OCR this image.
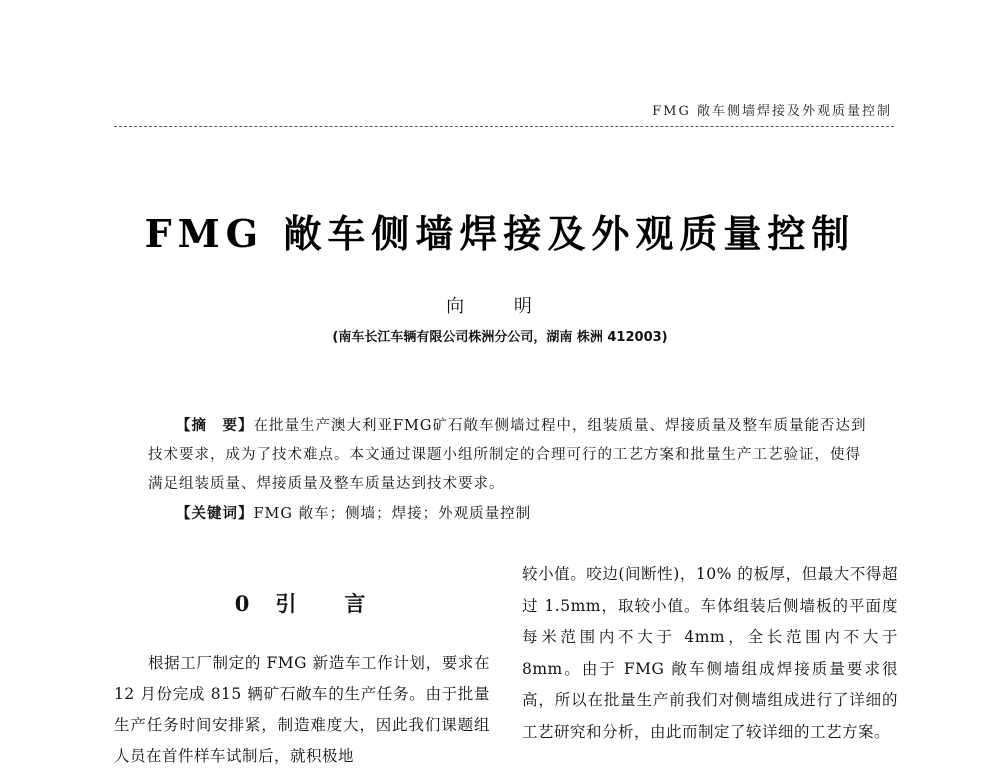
FMG 敞车侧墙焊接及外观质量控制
FMG 敞车侧墙焊接及外观质量控制
向 明
(南车长江车辆有限公司株洲分公司，湖南 株洲 412003)

【摘　要】在批量生产澳大利亚FMG矿石敞车侧墙过程中，组装质量、焊接质量及整车质量能否达到技术要求，成为了技术难点。本文通过课题小组所制定的合理可行的工艺方案和批量生产工艺验证，使得满足组装质量、焊接质量及整车质量达到技术要求。

【关键词】FMG 敞车；侧墙；焊接；外观质量控制

0 引 言

根据工厂制定的 FMG 新造车工作计划，要求在 12 月份完成 815 辆矿石敞车的生产任务。由于批量生产任务时间安排紧，制造难度大，因此我们课题组人员在首件样车试制后，就积极地

较小值。咬边(间断性)，10% 的板厚，但最大不得超过 1.5mm，取较小值。车体组装后侧墙板的平面度每米范围内不大于 4mm，全长范围内不大于 8mm。由于 FMG 敞车侧墙组成焊接质量要求很高，所以在批量生产前我们对侧墙组成进行了详细的工艺研究和分析，由此而制定了较详细的工艺方案。
